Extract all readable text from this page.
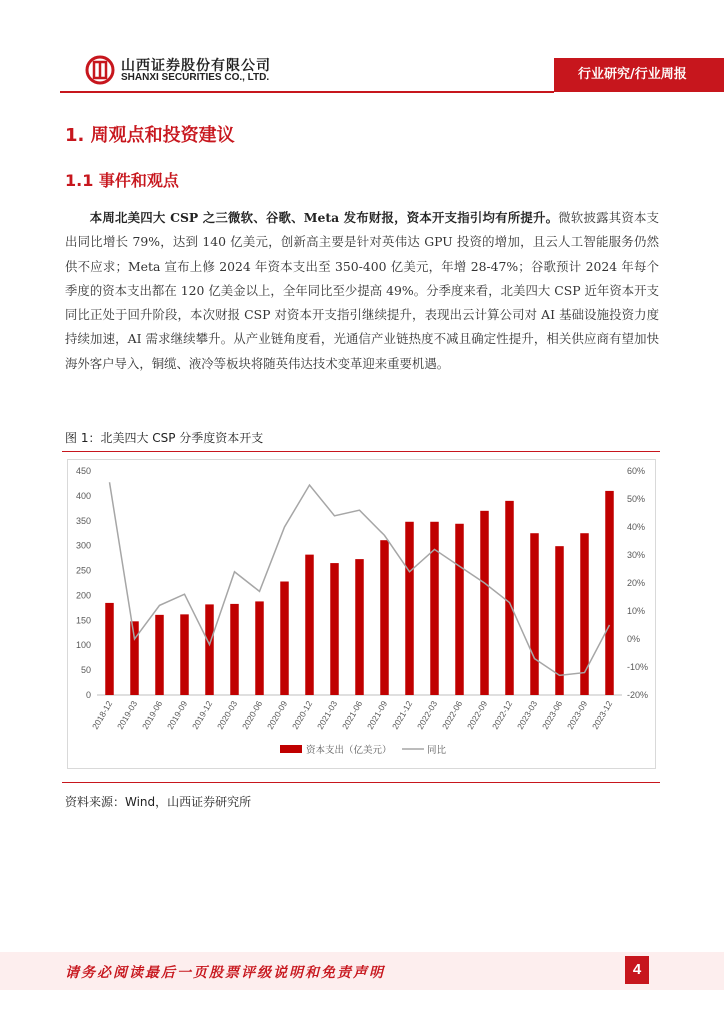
山西证券股份有限公司
SHANXI SECURITIES CO., LTD.	行业研究/行业周报
1. 周观点和投资建议
1.1 事件和观点
本周北美四大 CSP 之三微软、谷歌、Meta 发布财报，资本开支指引均有所提升。微软披露其资本支出同比增长 79%，达到 140 亿美元，创新高主要是针对英伟达 GPU 投资的增加，且云人工智能服务仍然供不应求；Meta 宣布上修 2024 年资本支出至 350-400 亿美元，年增 28-47%；谷歌预计 2024 年每个季度的资本支出都在 120 亿美金以上，全年同比至少提高 49%。分季度来看，北美四大 CSP 近年资本开支同比正处于回升阶段，本次财报 CSP 对资本开支指引继续提升，表现出云计算公司对 AI 基础设施投资力度持续加速，AI 需求继续攀升。从产业链角度看，光通信产业链热度不减且确定性提升，相关供应商有望加快海外客户导入，铜缆、液冷等板块将随英伟达技术变革迎来重要机遇。
图 1：北美四大 CSP 分季度资本开支
0
50
100
150
200
250
300
350
400
450
-20%
-10%
0%
10%
20%
30%
40%
50%
60%
2018-12 2019-03 2019-06 2019-09 2019-12 2020-03 2020-06 2020-09 2020-12 2021-03 2021-06 2021-09 2021-12 2022-03 2022-06 2022-09 2022-12 2023-03 2023-06 2023-09 2023-12
资本支出（亿美元）	同比
资料来源：Wind，山西证券研究所
请务必阅读最后一页股票评级说明和免责声明	4
